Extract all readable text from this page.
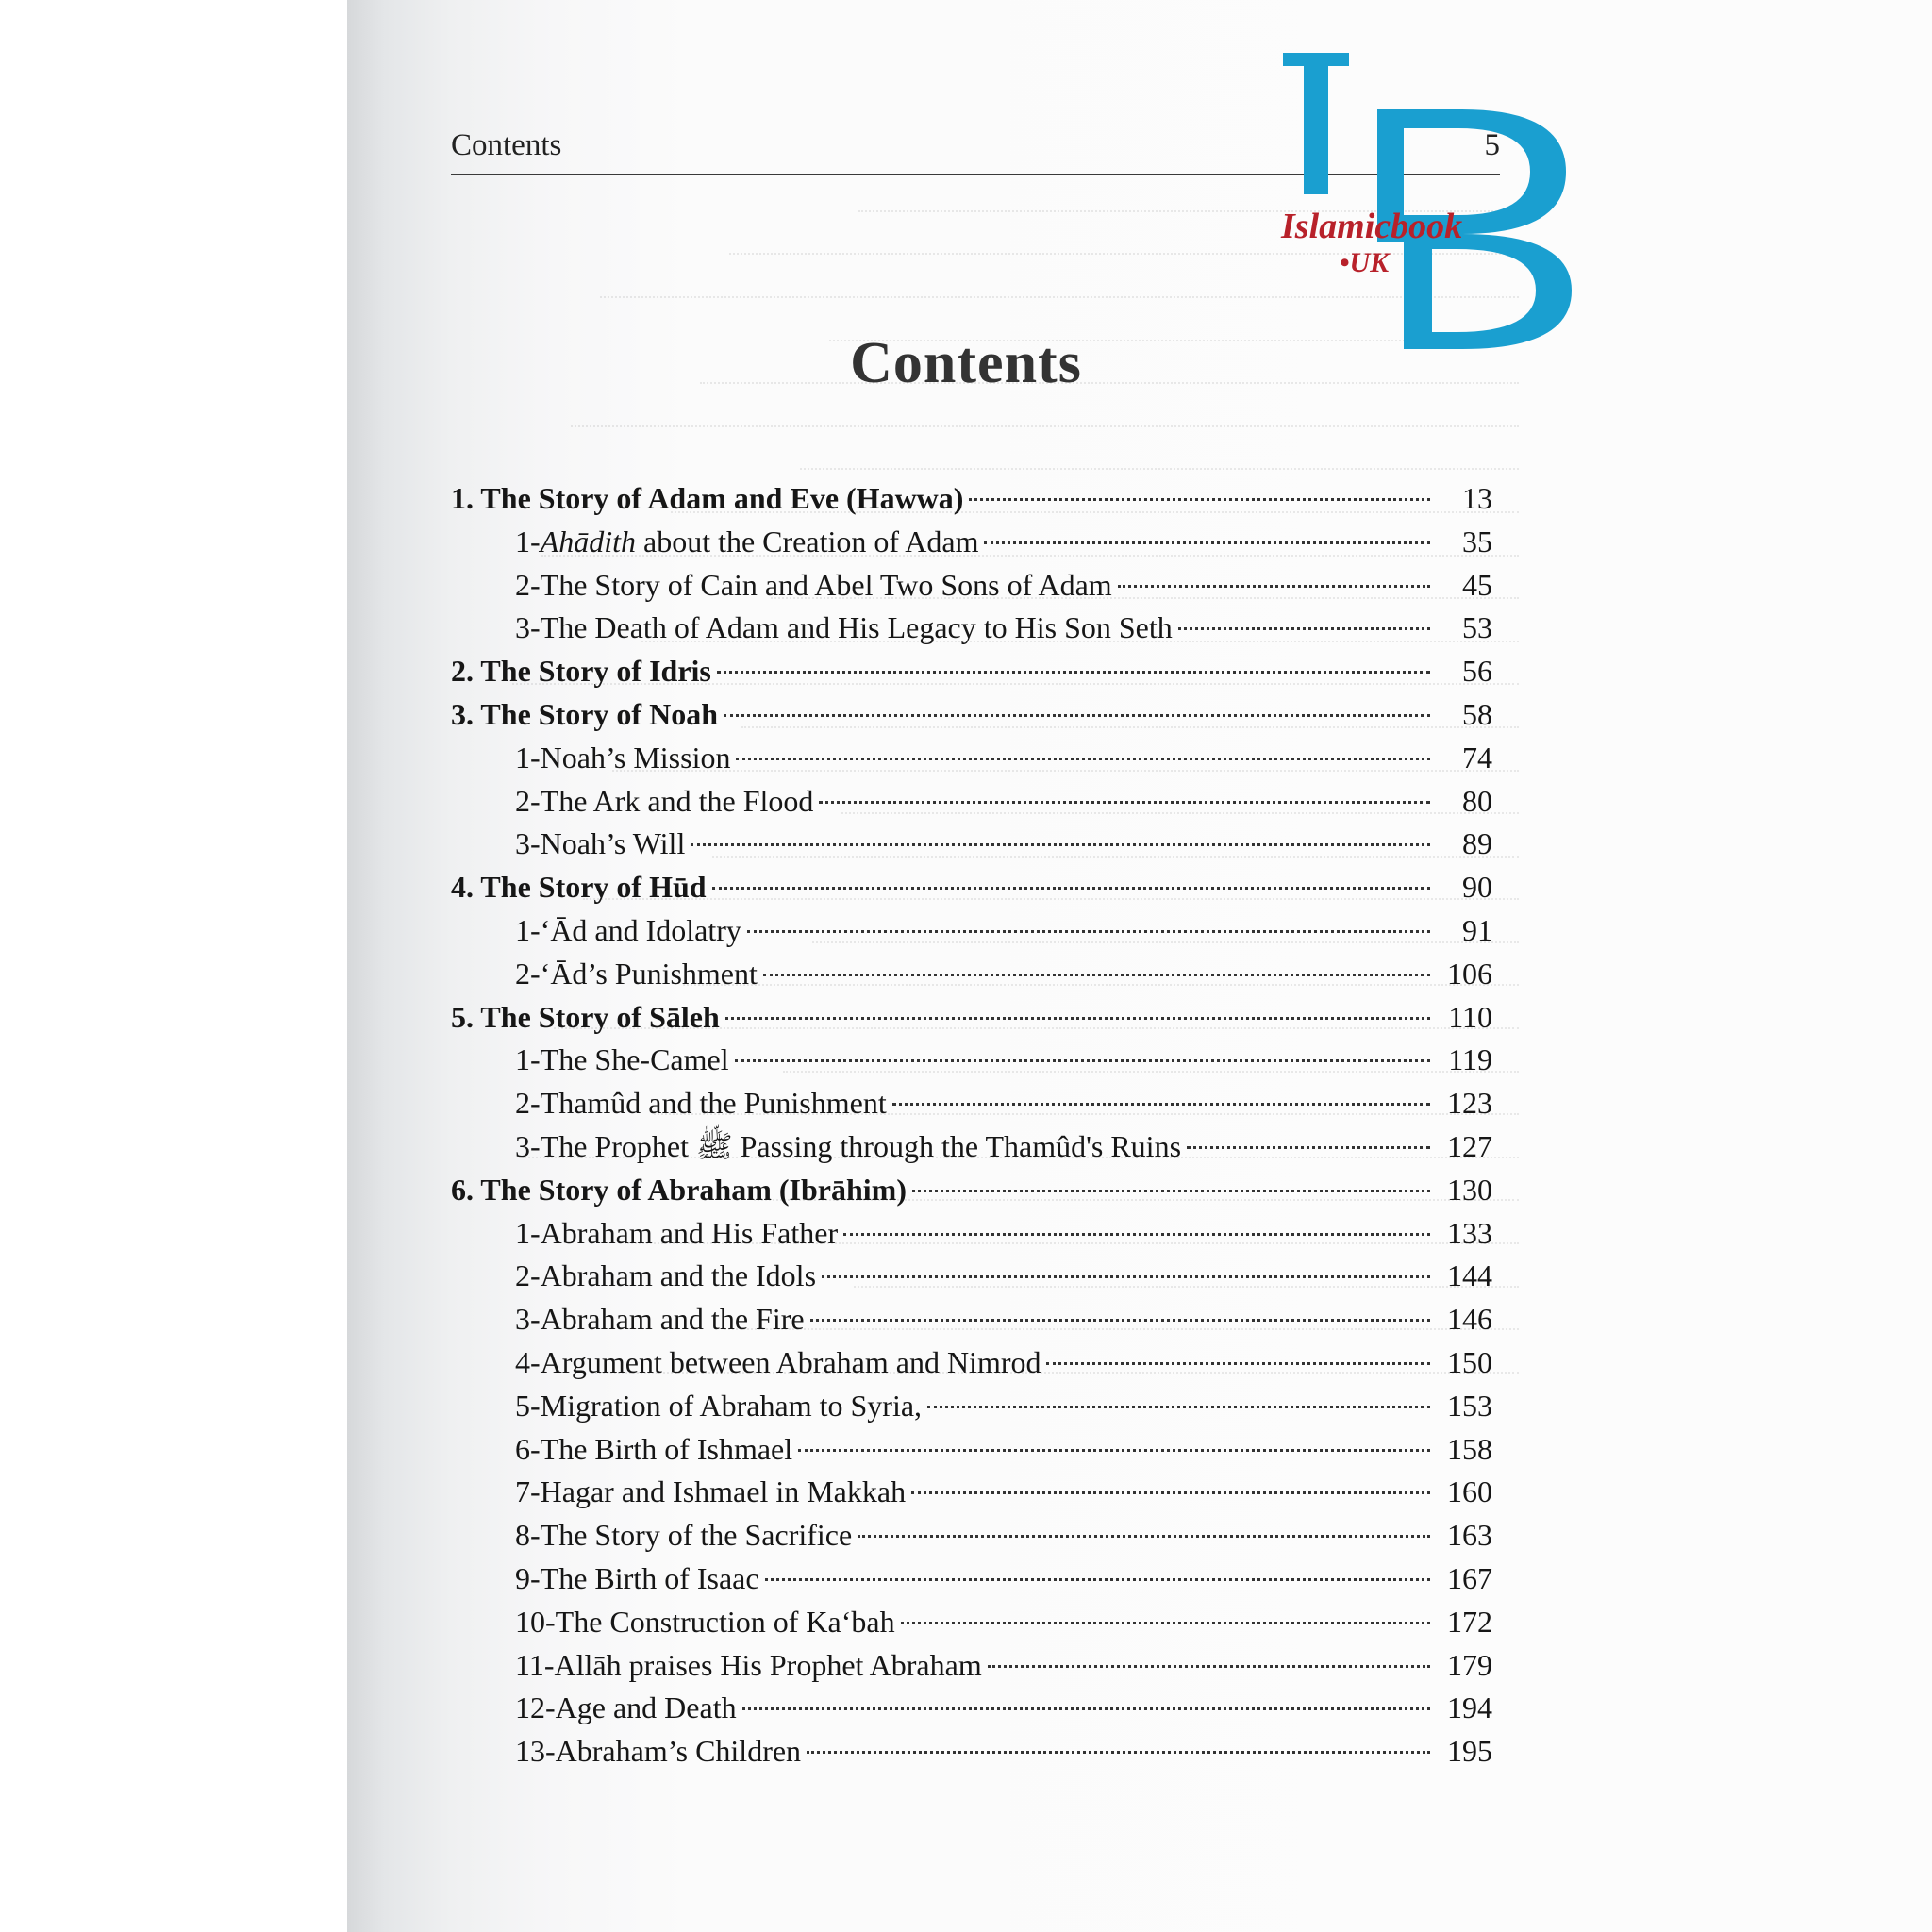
Contents	5
Islamicbook
•UK
Contents
1. The Story of Adam and Eve (Hawwa)	13
1-Ahādith about the Creation of Adam	35
2-The Story of Cain and Abel Two Sons of Adam	45
3-The Death of Adam and His Legacy to His Son Seth	53
2. The Story of Idris	56
3. The Story of Noah	58
1-Noah’s Mission	74
2-The Ark and the Flood	80
3-Noah’s Will	89
4. The Story of Hūd	90
1-‘Ād and Idolatry	91
2-‘Ād’s Punishment	106
5. The Story of Sāleh	110
1-The She-Camel	119
2-Thamûd and the Punishment	123
3-The Prophet ﷺ Passing through the Thamûd's Ruins	127
6. The Story of Abraham (Ibrāhim)	130
1-Abraham and His Father	133
2-Abraham and the Idols	144
3-Abraham and the Fire	146
4-Argument between Abraham and Nimrod	150
5-Migration of Abraham to Syria,	153
6-The Birth of Ishmael	158
7-Hagar and Ishmael in Makkah	160
8-The Story of the Sacrifice	163
9-The Birth of Isaac	167
10-The Construction of Ka‘bah	172
11-Allāh praises His Prophet Abraham	179
12-Age and Death	194
13-Abraham’s Children	195
